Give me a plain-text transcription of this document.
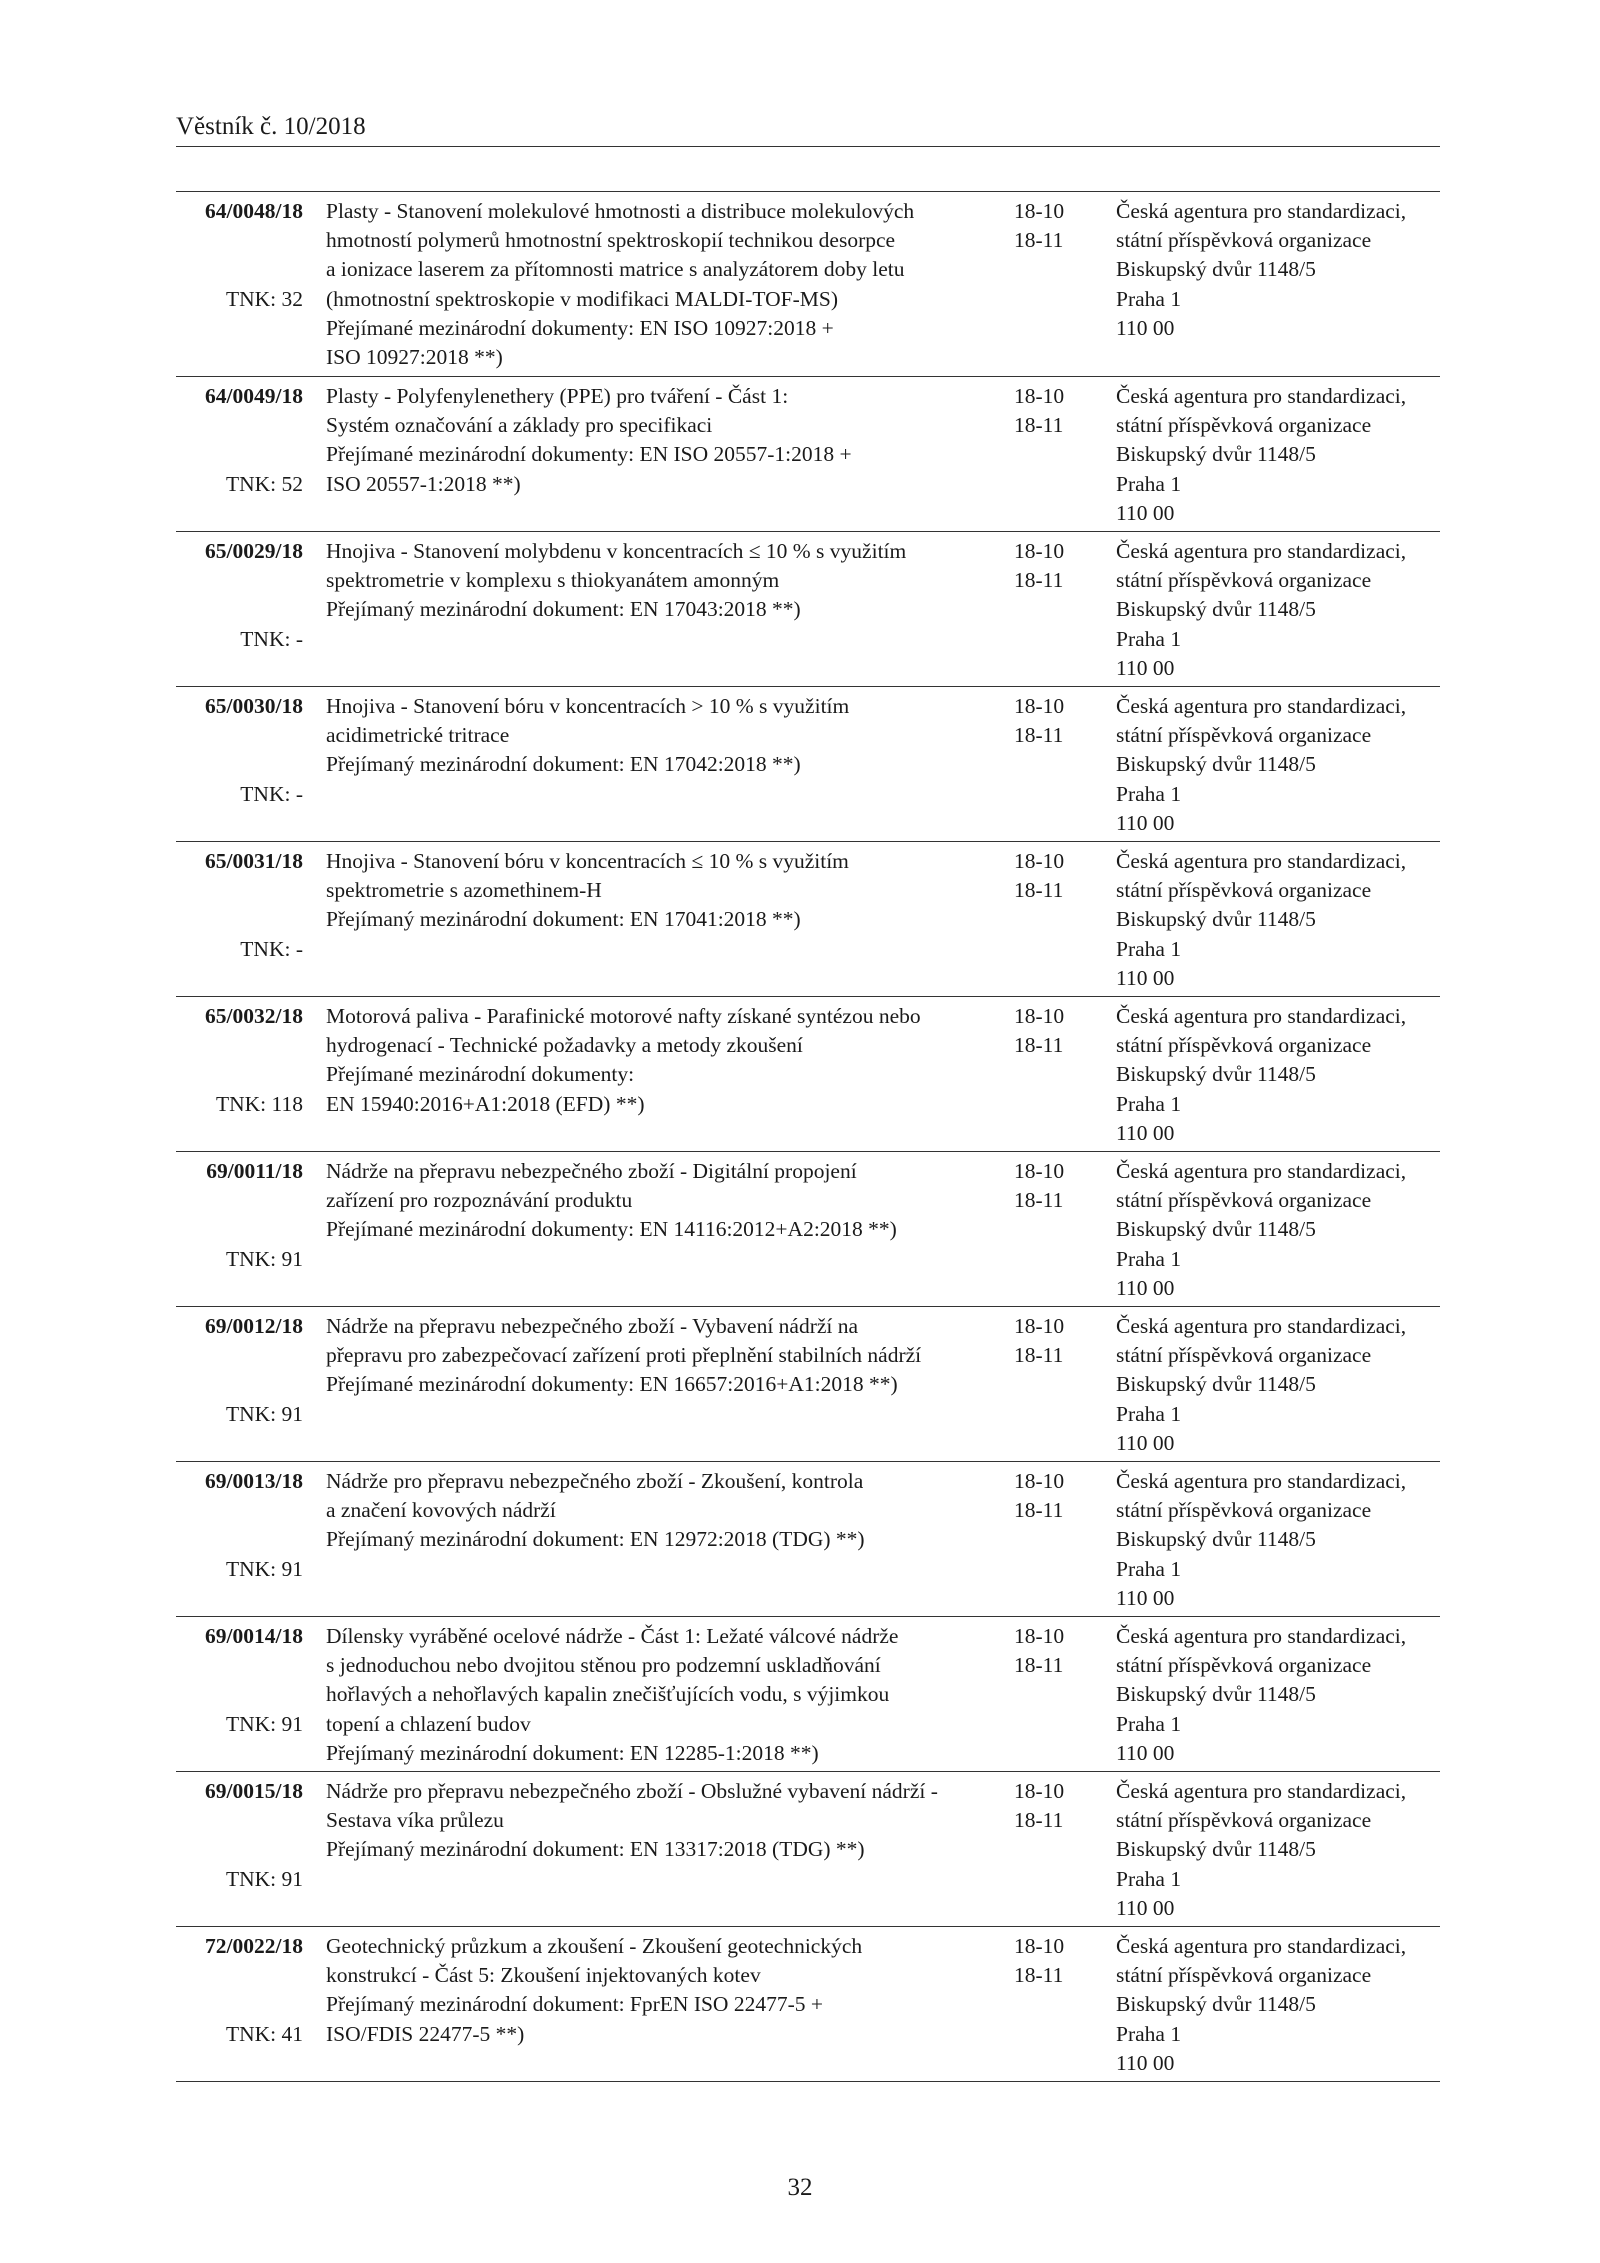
Věstník č. 10/2018
64/0048/18
TNK: 32
Plasty - Stanovení molekulové hmotnosti a distribuce molekulových
hmotností polymerů hmotnostní spektroskopií technikou desorpce
a ionizace laserem za přítomnosti matrice s analyzátorem doby letu
(hmotnostní spektroskopie v modifikaci MALDI-TOF-MS)
Přejímané mezinárodní dokumenty: EN ISO 10927:2018 +
ISO 10927:2018 **)
18-10
18-11
Česká agentura pro standardizaci,
státní příspěvková organizace
Biskupský dvůr 1148/5
Praha 1
110 00
64/0049/18
TNK: 52
Plasty - Polyfenylenethery (PPE) pro tváření - Část 1:
Systém označování a základy pro specifikaci
Přejímané mezinárodní dokumenty: EN ISO 20557-1:2018 +
ISO 20557-1:2018 **)
18-10
18-11
Česká agentura pro standardizaci,
státní příspěvková organizace
Biskupský dvůr 1148/5
Praha 1
110 00
65/0029/18
TNK: -
Hnojiva - Stanovení molybdenu v koncentracích ≤ 10 % s využitím
spektrometrie v komplexu s thiokyanátem amonným
Přejímaný mezinárodní dokument: EN 17043:2018 **)
18-10
18-11
Česká agentura pro standardizaci,
státní příspěvková organizace
Biskupský dvůr 1148/5
Praha 1
110 00
65/0030/18
TNK: -
Hnojiva - Stanovení bóru v koncentracích > 10 % s využitím
acidimetrické tritrace
Přejímaný mezinárodní dokument: EN 17042:2018 **)
18-10
18-11
Česká agentura pro standardizaci,
státní příspěvková organizace
Biskupský dvůr 1148/5
Praha 1
110 00
65/0031/18
TNK: -
Hnojiva - Stanovení bóru v koncentracích ≤ 10 % s využitím
spektrometrie s azomethinem-H
Přejímaný mezinárodní dokument: EN 17041:2018 **)
18-10
18-11
Česká agentura pro standardizaci,
státní příspěvková organizace
Biskupský dvůr 1148/5
Praha 1
110 00
65/0032/18
TNK: 118
Motorová paliva - Parafinické motorové nafty získané syntézou nebo
hydrogenací - Technické požadavky a metody zkoušení
Přejímané mezinárodní dokumenty:
EN 15940:2016+A1:2018 (EFD) **)
18-10
18-11
Česká agentura pro standardizaci,
státní příspěvková organizace
Biskupský dvůr 1148/5
Praha 1
110 00
69/0011/18
TNK: 91
Nádrže na přepravu nebezpečného zboží - Digitální propojení
zařízení pro rozpoznávání produktu
Přejímané mezinárodní dokumenty: EN 14116:2012+A2:2018 **)
18-10
18-11
Česká agentura pro standardizaci,
státní příspěvková organizace
Biskupský dvůr 1148/5
Praha 1
110 00
69/0012/18
TNK: 91
Nádrže na přepravu nebezpečného zboží - Vybavení nádrží na
přepravu pro zabezpečovací zařízení proti přeplnění stabilních nádrží
Přejímané mezinárodní dokumenty: EN 16657:2016+A1:2018 **)
18-10
18-11
Česká agentura pro standardizaci,
státní příspěvková organizace
Biskupský dvůr 1148/5
Praha 1
110 00
69/0013/18
TNK: 91
Nádrže pro přepravu nebezpečného zboží - Zkoušení, kontrola
a značení kovových nádrží
Přejímaný mezinárodní dokument: EN 12972:2018 (TDG) **)
18-10
18-11
Česká agentura pro standardizaci,
státní příspěvková organizace
Biskupský dvůr 1148/5
Praha 1
110 00
69/0014/18
TNK: 91
Dílensky vyráběné ocelové nádrže - Část 1: Ležaté válcové nádrže
s jednoduchou nebo dvojitou stěnou pro podzemní uskladňování
hořlavých a nehořlavých kapalin znečišťujících vodu, s výjimkou
topení a chlazení budov
Přejímaný mezinárodní dokument: EN 12285-1:2018 **)
18-10
18-11
Česká agentura pro standardizaci,
státní příspěvková organizace
Biskupský dvůr 1148/5
Praha 1
110 00
69/0015/18
TNK: 91
Nádrže pro přepravu nebezpečného zboží - Obslužné vybavení nádrží -
Sestava víka průlezu
Přejímaný mezinárodní dokument: EN 13317:2018 (TDG) **)
18-10
18-11
Česká agentura pro standardizaci,
státní příspěvková organizace
Biskupský dvůr 1148/5
Praha 1
110 00
72/0022/18
TNK: 41
Geotechnický průzkum a zkoušení - Zkoušení geotechnických
konstrukcí - Část 5: Zkoušení injektovaných kotev
Přejímaný mezinárodní dokument: FprEN ISO 22477-5 +
ISO/FDIS 22477-5 **)
18-10
18-11
Česká agentura pro standardizaci,
státní příspěvková organizace
Biskupský dvůr 1148/5
Praha 1
110 00
32
